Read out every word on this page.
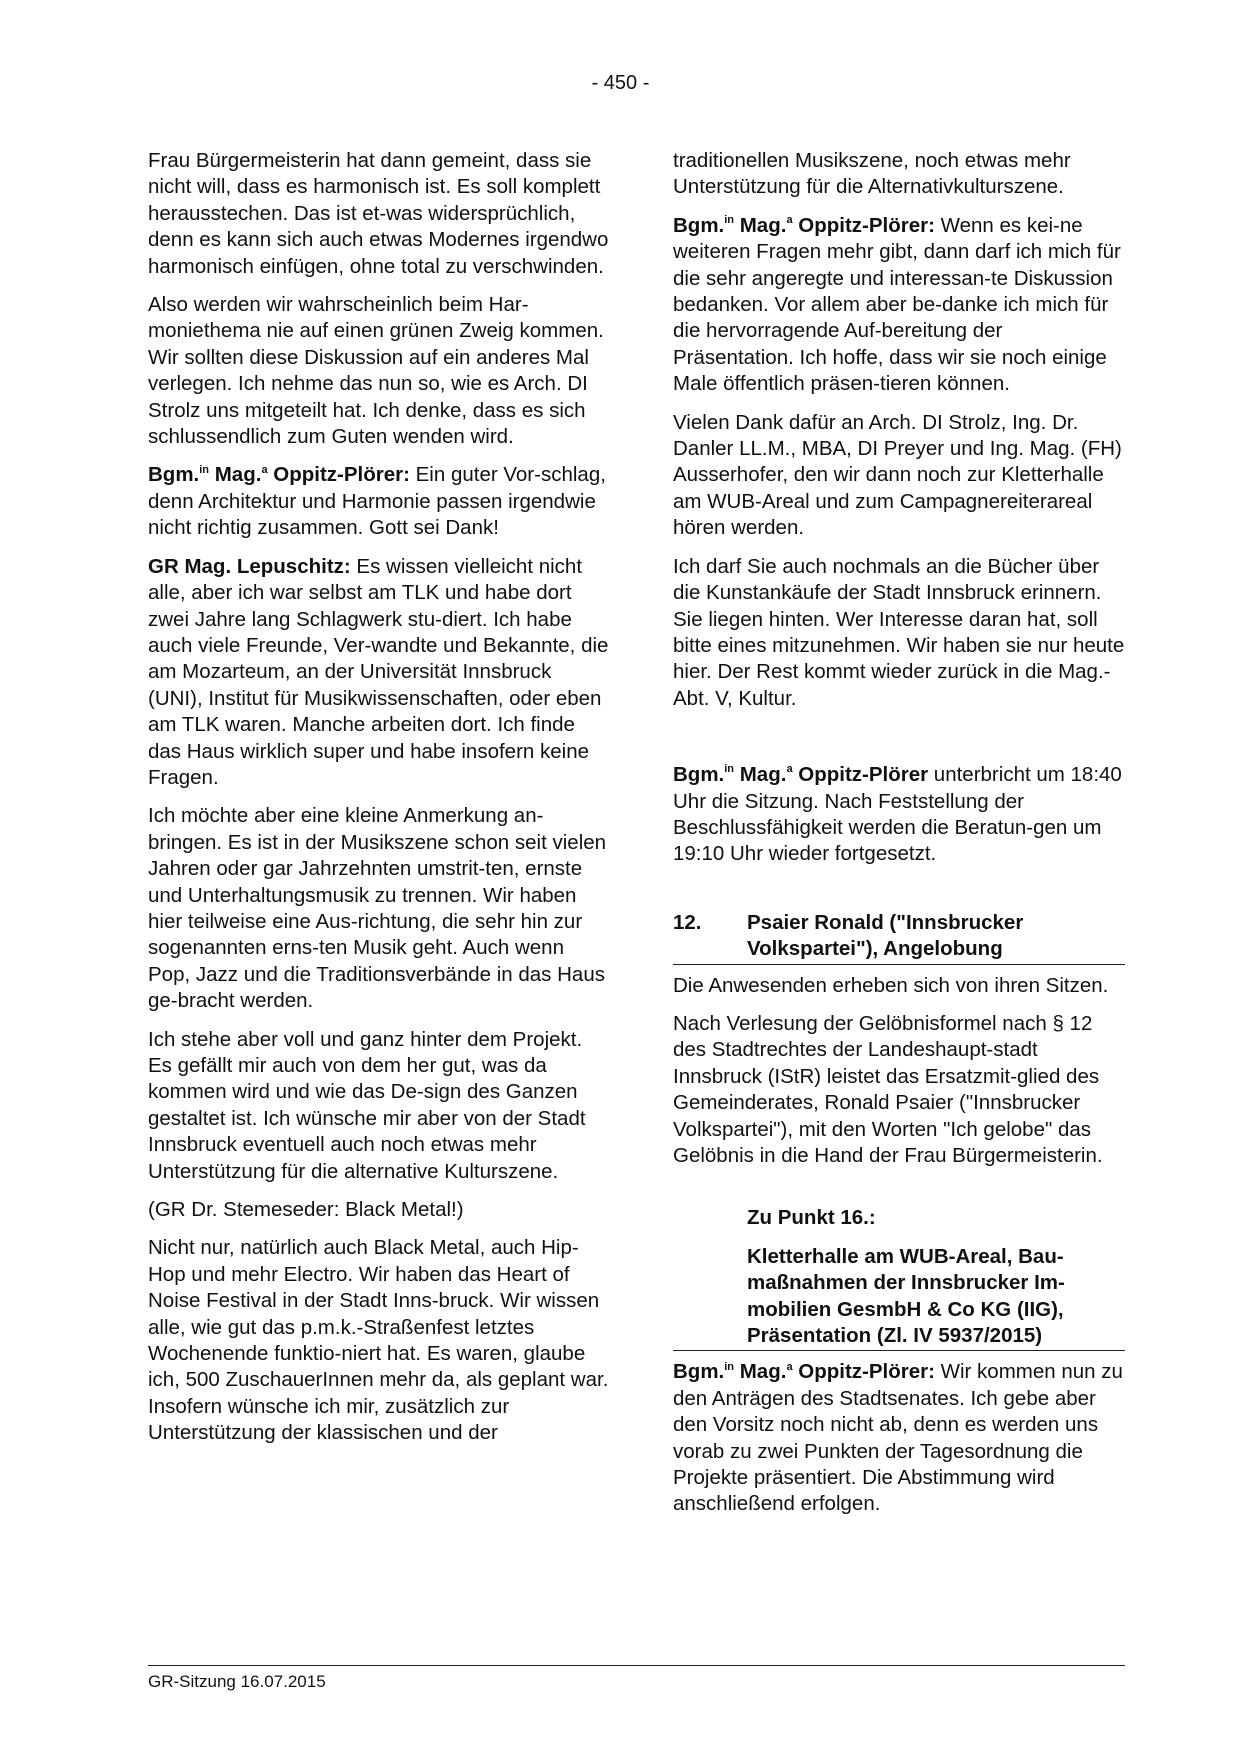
- 450 -

Frau Bürgermeisterin hat dann gemeint, dass sie nicht will, dass es harmonisch ist. Es soll komplett herausstechen. Das ist et-was widersprüchlich, denn es kann sich auch etwas Modernes irgendwo harmonisch einfügen, ohne total zu verschwinden.

Also werden wir wahrscheinlich beim Har-moniethema nie auf einen grünen Zweig kommen. Wir sollten diese Diskussion auf ein anderes Mal verlegen. Ich nehme das nun so, wie es Arch. DI Strolz uns mitgeteilt hat. Ich denke, dass es sich schlussendlich zum Guten wenden wird.

Bgm.$^{in}$ Mag.$^a$ Oppitz-Plörer: Ein guter Vor-schlag, denn Architektur und Harmonie passen irgendwie nicht richtig zusammen. Gott sei Dank!

GR Mag. Lepuschitz: Es wissen vielleicht nicht alle, aber ich war selbst am TLK und habe dort zwei Jahre lang Schlagwerk stu-diert. Ich habe auch viele Freunde, Ver-wandte und Bekannte, die am Mozarteum, an der Universität Innsbruck (UNI), Institut für Musikwissenschaften, oder eben am TLK waren. Manche arbeiten dort. Ich finde das Haus wirklich super und habe insofern keine Fragen.

Ich möchte aber eine kleine Anmerkung an-bringen. Es ist in der Musikszene schon seit vielen Jahren oder gar Jahrzehnten umstrit-ten, ernste und Unterhaltungsmusik zu trennen. Wir haben hier teilweise eine Aus-richtung, die sehr hin zur sogenannten erns-ten Musik geht. Auch wenn Pop, Jazz und die Traditionsverbände in das Haus ge-bracht werden.

Ich stehe aber voll und ganz hinter dem Projekt. Es gefällt mir auch von dem her gut, was da kommen wird und wie das De-sign des Ganzen gestaltet ist. Ich wünsche mir aber von der Stadt Innsbruck eventuell auch noch etwas mehr Unterstützung für die alternative Kulturszene.

(GR Dr. Stemeseder: Black Metal!)

Nicht nur, natürlich auch Black Metal, auch Hip-Hop und mehr Electro. Wir haben das Heart of Noise Festival in der Stadt Inns-bruck. Wir wissen alle, wie gut das p.m.k.-Straßenfest letztes Wochenende funktio-niert hat. Es waren, glaube ich, 500 ZuschauerInnen mehr da, als geplant war. Insofern wünsche ich mir, zusätzlich zur Unterstützung der klassischen und der

traditionellen Musikszene, noch etwas mehr Unterstützung für die Alternativkulturszene.

Bgm.$^{in}$ Mag.$^a$ Oppitz-Plörer: Wenn es kei-ne weiteren Fragen mehr gibt, dann darf ich mich für die sehr angeregte und interessan-te Diskussion bedanken. Vor allem aber be-danke ich mich für die hervorragende Auf-bereitung der Präsentation. Ich hoffe, dass wir sie noch einige Male öffentlich präsen-tieren können.

Vielen Dank dafür an Arch. DI Strolz, Ing. Dr. Danler LL.M., MBA, DI Preyer und Ing. Mag. (FH) Ausserhofer, den wir dann noch zur Kletterhalle am WUB-Areal und zum Campagnereiterareal hören werden.

Ich darf Sie auch nochmals an die Bücher über die Kunstankäufe der Stadt Innsbruck erinnern. Sie liegen hinten. Wer Interesse daran hat, soll bitte eines mitzunehmen. Wir haben sie nur heute hier. Der Rest kommt wieder zurück in die Mag.-Abt. V, Kultur.

Bgm.$^{in}$ Mag.$^a$ Oppitz-Plörer unterbricht um 18:40 Uhr die Sitzung. Nach Feststellung der Beschlussfähigkeit werden die Beratun-gen um 19:10 Uhr wieder fortgesetzt.

12.	Psaier Ronald ("Innsbrucker Volkspartei"), Angelobung

Die Anwesenden erheben sich von ihren Sitzen.

Nach Verlesung der Gelöbnisformel nach § 12 des Stadtrechtes der Landeshaupt-stadt Innsbruck (IStR) leistet das Ersatzmit-glied des Gemeinderates, Ronald Psaier ("Innsbrucker Volkspartei"), mit den Worten "Ich gelobe" das Gelöbnis in die Hand der Frau Bürgermeisterin.

Zu Punkt 16.:

Kletterhalle am WUB-Areal, Bau-maßnahmen der Innsbrucker Im-mobilien GesmbH & Co KG (IIG), Präsentation (Zl. IV 5937/2015)

Bgm.$^{in}$ Mag.$^a$ Oppitz-Plörer: Wir kommen nun zu den Anträgen des Stadtsenates. Ich gebe aber den Vorsitz noch nicht ab, denn es werden uns vorab zu zwei Punkten der Tagesordnung die Projekte präsentiert. Die Abstimmung wird anschließend erfolgen.

GR-Sitzung 16.07.2015
